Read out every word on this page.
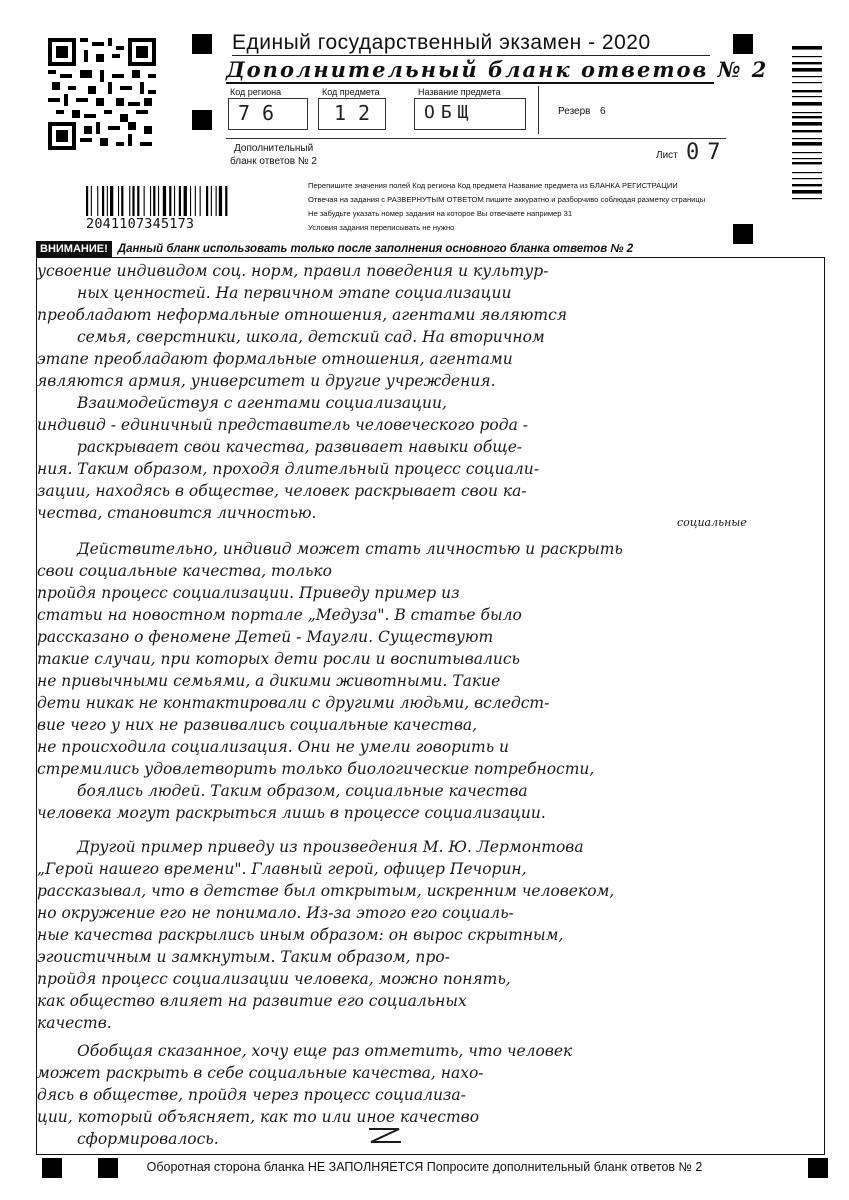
Единый государственный экзамен - 2020
Дополнительный бланк ответов № 2
Код региона	Код предмета	Название предмета
76 12 ОБЩ	Резерв 6
Дополнительный
бланк ответов № 2
Лист 07
Перепишите значения полей Код региона Код предмета Название предмета из БЛАНКА РЕГИСТРАЦИИ
Отвечая на задания с РАЗВЕРНУТЫМ ОТВЕТОМ пишите аккуратно и разборчиво соблюдая разметку страницы
Не забудьте указать номер задания на которое Вы отвечаете например 31
Условия задания переписывать не нужно
2041107345173
ВНИМАНИЕ! Данный бланк использовать только после заполнения основного бланка ответов № 2
усвоение индивидом соц. норм, правил поведения и культур-
ных ценностей. На первичном этапе социализации
преобладают неформальные отношения, агентами являются
семья, сверстники, школа, детский сад. На вторичном
этапе преобладают формальные отношения, агентами
являются армия, университет и другие учреждения.
Взаимодействуя с агентами социализации,
индивид - единичный представитель человеческого рода -
раскрывает свои качества, развивает навыки обще-
ния. Таким образом, проходя длительный процесс социали-
зации, находясь в обществе, человек раскрывает свои ка-
чества, становится личностью.
социальные
Действительно, индивид может стать личностью и раскрыть
свои социальные качества, только
пройдя процесс социализации. Приведу пример из
статьи на новостном портале „Медуза". В статье было
рассказано о феномене Детей - Маугли. Существуют
такие случаи, при которых дети росли и воспитывались
не привычными семьями, а дикими животными. Такие
дети никак не контактировали с другими людьми, вследст-
вие чего у них не развивались социальные качества,
не происходила социализация. Они не умели говорить и
стремились удовлетворить только биологические потребности,
боялись людей. Таким образом, социальные качества
человека могут раскрыться лишь в процессе социализации.
Другой пример приведу из произведения М. Ю. Лермонтова
„Герой нашего времени". Главный герой, офицер Печорин,
рассказывал, что в детстве был открытым, искренним человеком,
но окружение его не понимало. Из-за этого его социаль-
ные качества раскрылись иным образом: он вырос скрытным,
эгоистичным и замкнутым. Таким образом, про-
пройдя процесс социализации человека, можно понять,
как общество влияет на развитие его социальных
качеств.
Обобщая сказанное, хочу еще раз отметить, что человек
может раскрыть в себе социальные качества, нахо-
дясь в обществе, пройдя через процесс социализа-
ции, который объясняет, как то или иное качество
сформировалось.
Оборотная сторона бланка НЕ ЗАПОЛНЯЕТСЯ Попросите дополнительный бланк ответов № 2
